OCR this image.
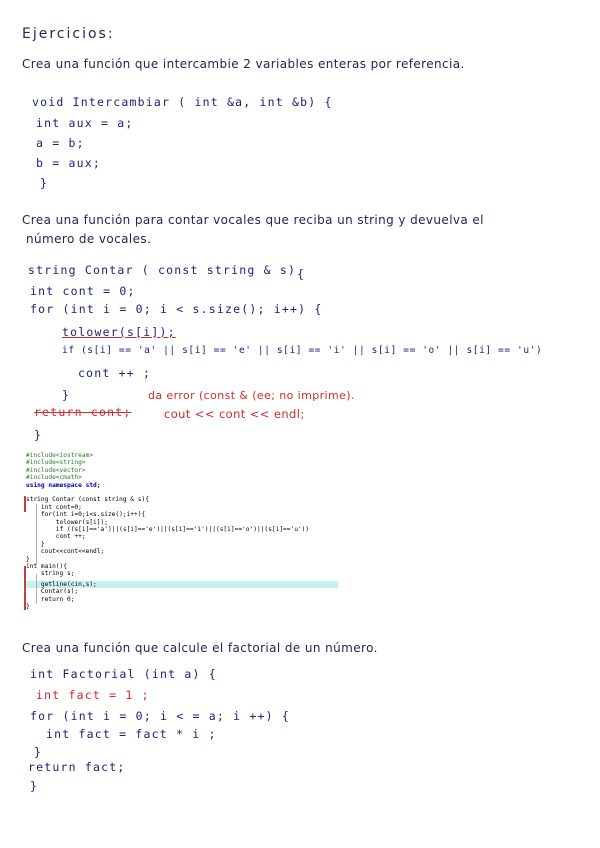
Ejercicios:
Crea una función que intercambie 2 variables enteras por referencia.
void Intercambiar ( int &a, int &b) {
int aux = a;
a = b;
b = aux;
}
Crea una función para contar vocales que reciba un string y devuelva el
número de vocales.
string Contar ( const string & s) {
int cont = 0;
for (int i = 0; i < s.size(); i++) {
tolower(s[i]);
if (s[i] == 'a' || s[i] == 'e' || s[i] == 'i' || s[i] == 'o' || s[i] == 'u')
cont ++ ;
}
return cont;
}
da error (const & (ee; no imprime).
cout << cont << endl;
#include<iostream>
#include<string>
#include<vector>
#include<cmath>
using namespace std;
string Contar (const string & s){
int cont=0;
for(int i=0;i<s.size();i++){
tolower(s[i]);
if ((s[i]=='a')||(s[i]=='e')||(s[i]=='i')||(s[i]=='o')||(s[i]=='u'))
cont ++;
}
cout<<cont<<endl;
}
int main(){
string s;
getline(cin,s);
Contar(s);
return 0;
}
Crea una función que calcule el factorial de un número.
int Factorial (int a) {
int fact = 1 ;
for (int i = 0; i < = a; i ++) {
int fact = fact * i ;
}
return fact;
}
